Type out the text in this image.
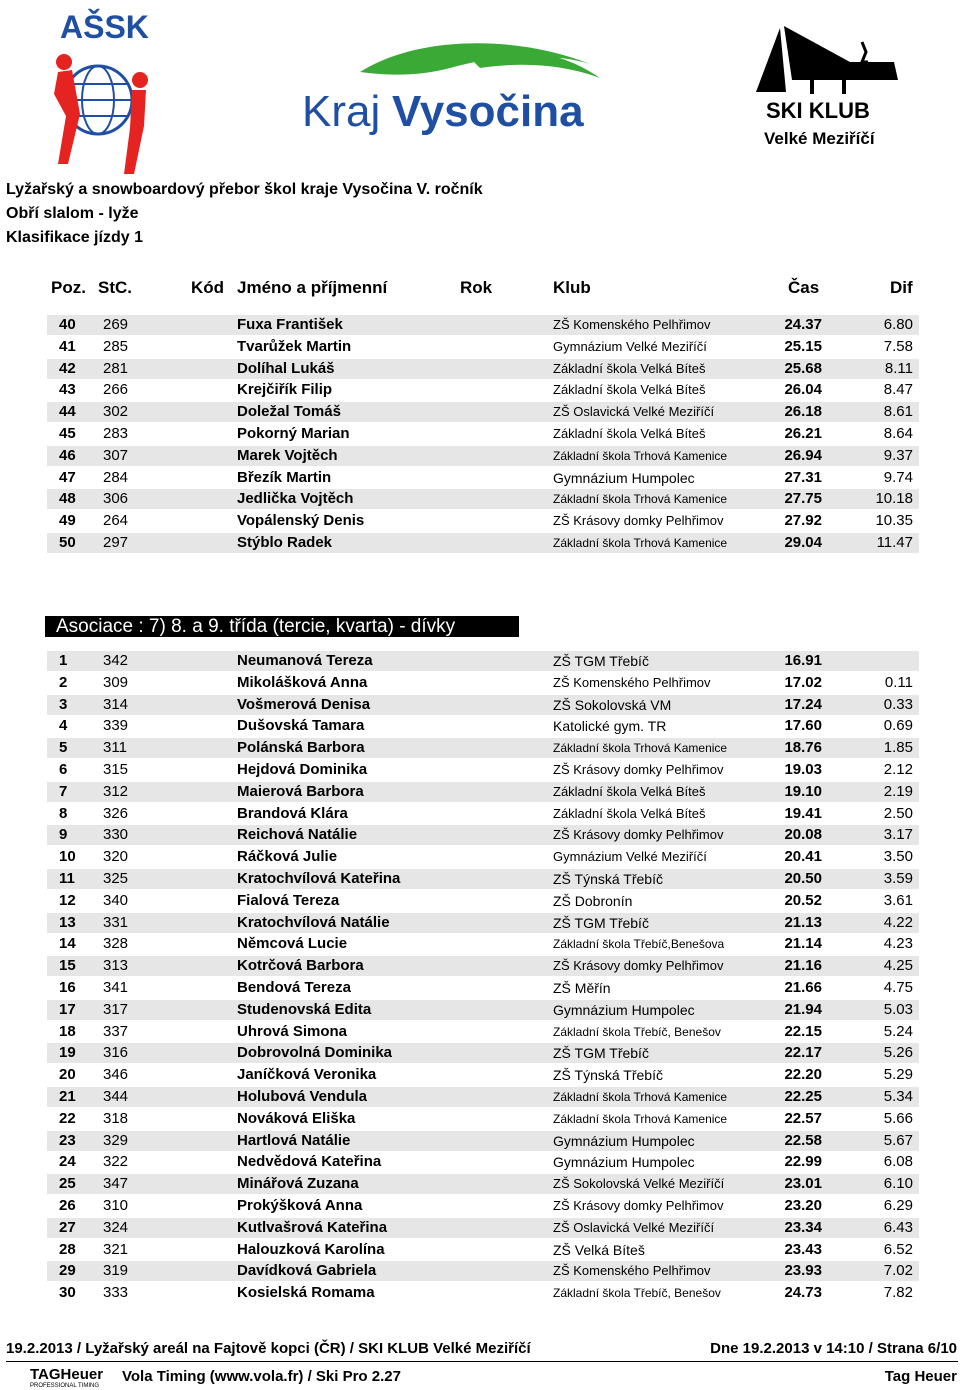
AŠSK
Kraj Vysočina	SKI KLUB
Velké Meziříčí
Lyžařský a snowboardový přebor škol kraje Vysočina V. ročník
Obří slalom - lyže
Klasifikace jízdy 1
Poz. StC.	Kód Jméno a příjmenní	Rok	Klub	Čas	Dif
40 269	Fuxa František	ZŠ Komenského Pelhřimov	24.37	6.80
41 285	Tvarůžek Martin	Gymnázium Velké Meziříčí	25.15	7.58
42 281	Dolíhal Lukáš	Základní škola Velká Bíteš	25.68	8.11
43 266	Krejčiřík Filip	Základní škola Velká Bíteš	26.04	8.47
44 302	Doležal Tomáš	ZŠ Oslavická Velké Meziříčí	26.18	8.61
45 283	Pokorný Marian	Základní škola Velká Bíteš	26.21	8.64
46 307	Marek Vojtěch	Základní škola Trhová Kamenice	26.94	9.37
47 284	Březík Martin	Gymnázium Humpolec	27.31	9.74
48 306	Jedlička Vojtěch	Základní škola Trhová Kamenice	27.75	10.18
49 264	Vopálenský Denis	ZŠ Krásovy domky Pelhřimov	27.92	10.35
50 297	Stýblo Radek	Základní škola Trhová Kamenice	29.04	11.47
Asociace : 7) 8. a 9. třída (tercie, kvarta) - dívky
1 342	Neumanová Tereza	ZŠ TGM Třebíč	16.91
2 309	Mikolášková Anna	ZŠ Komenského Pelhřimov	17.02	0.11
3 314	Vošmerová Denisa	ZŠ Sokolovská VM	17.24	0.33
4 339	Dušovská Tamara	Katolické gym. TR	17.60	0.69
5 311	Polánská Barbora	Základní škola Trhová Kamenice	18.76	1.85
6 315	Hejdová Dominika	ZŠ Krásovy domky Pelhřimov	19.03	2.12
7 312	Maierová Barbora	Základní škola Velká Bíteš	19.10	2.19
8 326	Brandová Klára	Základní škola Velká Bíteš	19.41	2.50
9 330	Reichová Natálie	ZŠ Krásovy domky Pelhřimov	20.08	3.17
10 320	Ráčková Julie	Gymnázium Velké Meziříčí	20.41	3.50
11 325	Kratochvílová Kateřina	ZŠ Týnská Třebíč	20.50	3.59
12 340	Fialová Tereza	ZŠ Dobronín	20.52	3.61
13 331	Kratochvílová Natálie	ZŠ TGM Třebíč	21.13	4.22
14 328	Němcová Lucie	Základní škola Třebíč,Benešova	21.14	4.23
15 313	Kotrčová Barbora	ZŠ Krásovy domky Pelhřimov	21.16	4.25
16 341	Bendová Tereza	ZŠ Měřín	21.66	4.75
17 317	Studenovská Edita	Gymnázium Humpolec	21.94	5.03
18 337	Uhrová Simona	Základní škola Třebíč, Benešov	22.15	5.24
19 316	Dobrovolná Dominika	ZŠ TGM Třebíč	22.17	5.26
20 346	Janíčková Veronika	ZŠ Týnská Třebíč	22.20	5.29
21 344	Holubová Vendula	Základní škola Trhová Kamenice	22.25	5.34
22 318	Nováková Eliška	Základní škola Trhová Kamenice	22.57	5.66
23 329	Hartlová Natálie	Gymnázium Humpolec	22.58	5.67
24 322	Nedvědová Kateřina	Gymnázium Humpolec	22.99	6.08
25 347	Minářová Zuzana	ZŠ Sokolovská Velké Meziříčí	23.01	6.10
26 310	Prokýšková Anna	ZŠ Krásovy domky Pelhřimov	23.20	6.29
27 324	Kutlvašrová Kateřina	ZŠ Oslavická Velké Meziříčí	23.34	6.43
28 321	Halouzková Karolína	ZŠ Velká Bíteš	23.43	6.52
29 319	Davídková Gabriela	ZŠ Komenského Pelhřimov	23.93	7.02
30 333	Kosielská Romama	Základní škola Třebíč, Benešov	24.73	7.82
19.2.2013 / Lyžařský areál na Fajtově kopci (ČR) / SKI KLUB Velké Meziříčí	Dne 19.2.2013 v 14:10 / Strana 6/10
TAGHeuer
PROFESSIONAL TIMING
Vola Timing (www.vola.fr) / Ski Pro 2.27	Tag Heuer
